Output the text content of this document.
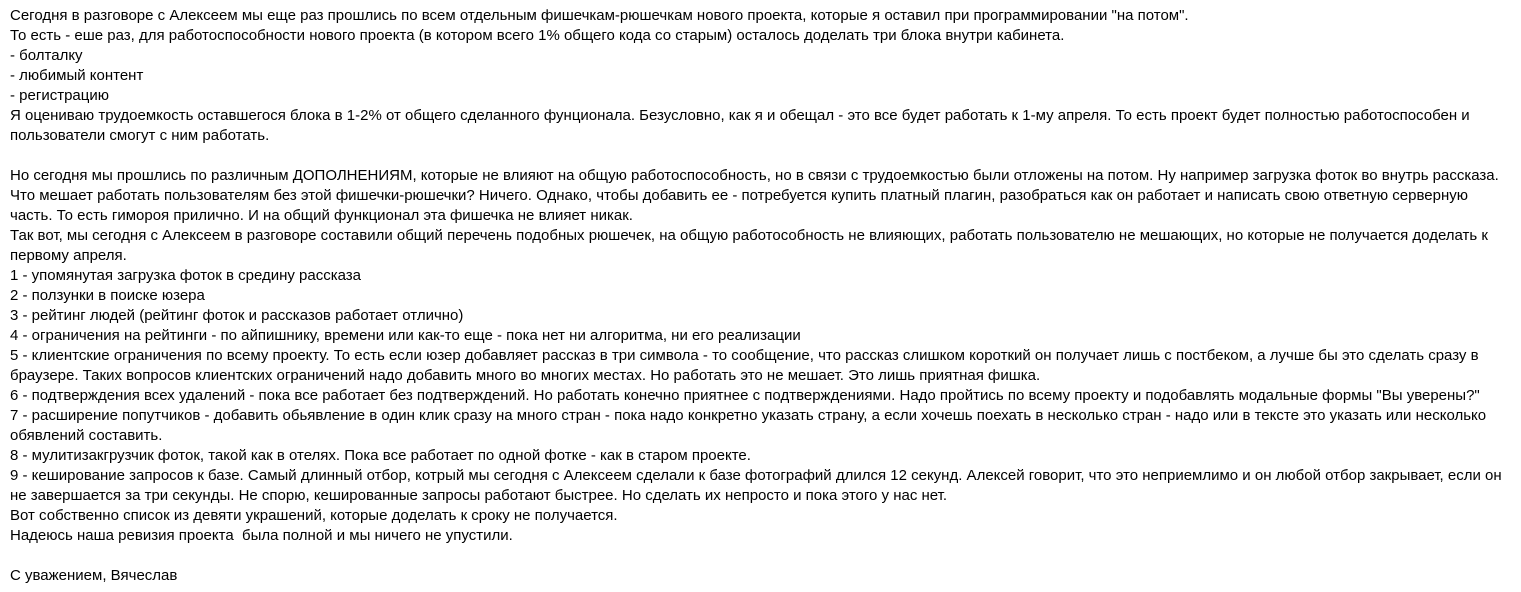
Сегодня в разговоре с Алексеем мы еще раз прошлись по всем отдельным фишечкам-рюшечкам нового проекта, которые я оставил при программировании "на потом".
То есть - еше раз, для работоспособности нового проекта (в котором всего 1% общего кода со старым) осталось доделать три блока внутри кабинета.
- болталку
- любимый контент
- регистрацию
Я оцениваю трудоемкость оставшегося блока в 1-2% от общего сделанного фунционала. Безусловно, как я и обещал - это все будет работать к 1-му апреля. То есть проект будет полностью работоспособен и пользователи смогут с ним работать.

Но сегодня мы прошлись по различным ДОПОЛНЕНИЯМ, которые не влияют на общую работоспособность, но в связи с трудоемкостью были отложены на потом. Ну например загрузка фоток во внутрь рассказа. Что мешает работать пользователям без этой фишечки-рюшечки? Ничего. Однако, чтобы добавить ее - потребуется купить платный плагин, разобраться как он работает и написать свою ответную серверную часть. То есть гимороя прилично. И на общий функционал эта фишечка не влияет никак.
Так вот, мы сегодня с Алексеем в разговоре составили общий перечень подобных рюшечек, на общую работособность не влияющих, работать пользователю не мешающих, но которые не получается доделать к первому апреля.
1 - упомянутая загрузка фоток в средину рассказа
2 - ползунки в поиске юзера
3 - рейтинг людей (рейтинг фоток и рассказов работает отлично)
4 - ограничения на рейтинги - по айпишнику, времени или как-то еще - пока нет ни алгоритма, ни его реализации
5 - клиентские ограничения по всему проекту. То есть если юзер добавляет рассказ в три символа - то сообщение, что рассказ слишком короткий он получает лишь с постбеком, а лучше бы это сделать сразу в браузере. Таких вопросов клиентских ограничений надо добавить много во многих местах. Но работать это не мешает. Это лишь приятная фишка.
6 - подтверждения всех удалений - пока все работает без подтверждений. Но работать конечно приятнее с подтверждениями. Надо пройтись по всему проекту и подобавлять модальные формы "Вы уверены?"
7 - расширение попутчиков - добавить обьявление в один клик сразу на много стран - пока надо конкретно указать страну, а если хочешь поехать в несколько стран - надо или в тексте это указать или несколько обявлений составить.
8 - мулитизакгрузчик фоток, такой как в отелях. Пока все работает по одной фотке - как в старом проекте.
9 - кеширование запросов к базе. Самый длинный отбор, котрый мы сегодня с Алексеем сделали к базе фотографий длился 12 секунд. Алексей говорит, что это неприемлимо и он любой отбор закрывает, если он не завершается за три секунды. Не спорю, кешированные запросы работают быстрее. Но сделать их непросто и пока этого у нас нет.
Вот собственно список из девяти украшений, которые доделать к сроку не получается.
Надеюсь наша ревизия проекта  была полной и мы ничего не упустили.

С уважением, Вячеслав
